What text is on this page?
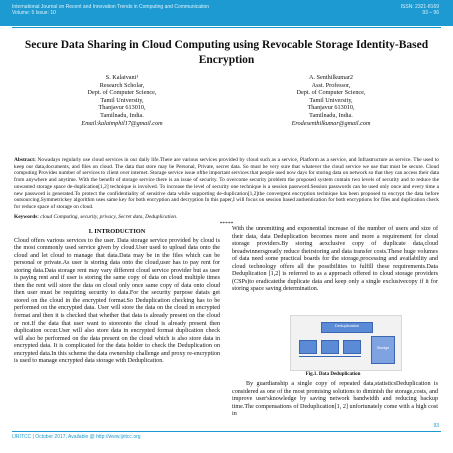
International Journal on Recent and Innovation Trends in Computing and Communication
Volume: 5 Issue: 10
ISSN: 2321-8169
93 – 96
Secure Data Sharing in Cloud Computing using Revocable Storage Identity-Based Encryption
S. Kalaivani¹
Research Scholar,
Dept. of Computer Science,
Tamil University,
Thanjavur 613010,
Tamilnadu, India.
Email:kalaimphil17@gmail.com
A. Senthilkumar2
Asst. Professor,
Dept. of Computer Science,
Tamil University,
Thanjavur 613010,
Tamilnadu, India.
Erodesenthilkumar@gmail.com
Abstract: Nowadays regularly use cloud services in our daily life.There are various services provided by cloud such as a service, Platform as a service, and Infrastructure as service. The used to keep our data,documents, and files on cloud. The data that store may be Personal, Private, secret data. So must be very sure that whatever the cloud service we use that must be secure. Cloud computing Provides number of services to client over internet. Storage service issue ofthe important services that people used now days for storing data on network so that they can access their data from anywhere and anytime. With the benefit of storage service there is an issue of security. To overcome security problem the proposed system contain two levels of security and to reduce the unwanted storage space de-duplication[1,2] technique is involved. To increase the level of security one technique is a session password.Session passwords can be used only once and every time a new password is generated.To protect the confidentiality of sensitive data while supporting de-duplication[1,2]the convergent encryption technique has been proposed to encrypt the data before outsourcing.Symmetrickey algorithm uses same key for both encryption and decryption In this paper,I will focus on session based authentication for both encryptions for files and duplication check for reduce space of storage on cloud.
Keywords: cloud Computing, security, privacy, Secret data, Deduplication.
*****
I. INTRODUCTION
Cloud offers various services to the user. Data storage service provided by cloud is the most commonly used service given by cloud.User used to upload data onto the cloud and let cloud to manage that data.Data may be in the files which can be personal or private.As user is storing data onto the cloud,user has to pay rent for storing data.Data storage rent may vary different cloud service provider but as user is paying rent and if user is storing the same copy of data on cloud multiple times then the rent will store the data on cloud only once same copy of data onto cloud then user must be requiring security to data.For the security purpose datais get stored on the cloud in the encrypted format.So Deduplication checking has to be performed on the encrypted data. User will store the data on the cloud in encrypted format and then it is checked that whether that data is already present on the cloud or not.If the data that user want to storeonto the cloud is already present then duplication occur.User will also store data in encrypted format duplication check will also be performed on the data present on the cloud which is also store data in encrypted data. It is complicated for the data holder to check the Deduplication on encrypted data.In this scheme the data ownership challenge and proxy re-encryption is used to manage encrypted data storage with Deduplication.
With the unremitting and exponential increase of the number of users and size of their data, data Deduplication becomes more and more a requirement for cloud storage providers.By storing aexclusive copy of duplicate data,cloud breadwinnersgreatly reduce theirstoring and data transfer costs.These huge volumes of data need some practical boards for the storage,processing and availability and cloud technology offers all the possibilities to fulfill these requirements.Data Deduplication [1,2] is referred to as a approach offered to cloud storage providers (CSPs)to eradicatethe duplicate data and keep only a single exclusivecopy if it for storing space saving determination.
Deduplication
Storage
Fig.1. Data Deduplication
By guardianship a single copy of repeated data,statisticsDeduplication is considered as one of the most promising solutions to diminish the storage,costs, and improve user'sknowledge by saving network bandwidth and reducing backup time.The compensations of Deduplication[1, 2] unfortunately come with a high cost in
93
IJRITCC | October 2017, Available @ http://www.ijritcc.org
